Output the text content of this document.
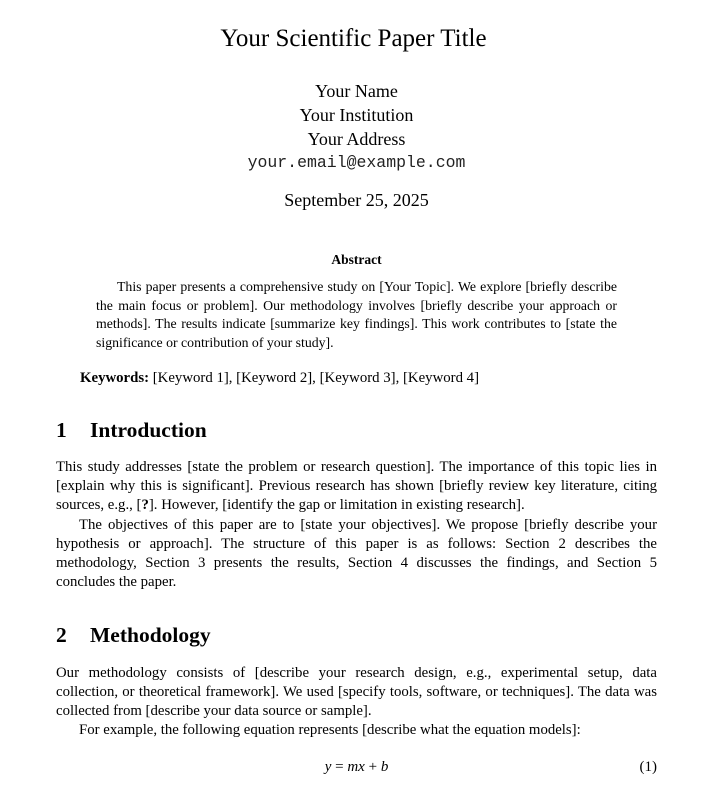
Your Scientific Paper Title
Your Name
Your Institution
Your Address
your.email@example.com
September 25, 2025
Abstract

This paper presents a comprehensive study on [Your Topic]. We explore [briefly describe the main focus or problem]. Our methodology involves [briefly describe your approach or methods]. The results indicate [summarize key findings]. This work contributes to [state the significance or contribution of your study].

Keywords: [Keyword 1], [Keyword 2], [Keyword 3], [Keyword 4]
1 Introduction

This study addresses [state the problem or research question]. The importance of this topic lies in [explain why this is significant]. Previous research has shown [briefly review key literature, citing sources, e.g., [?]. However, [identify the gap or limitation in existing research].

The objectives of this paper are to [state your objectives]. We propose [briefly describe your hypothesis or approach]. The structure of this paper is as follows: Section 2 describes the methodology, Section 3 presents the results, Section 4 discusses the findings, and Section 5 concludes the paper.

2 Methodology

Our methodology consists of [describe your research design, e.g., experimental setup, data collection, or theoretical framework]. We used [specify tools, software, or techniques]. The data was collected from [describe your data source or sample].

For example, the following equation represents [describe what the equation models]:

y = mx + b	(1)
